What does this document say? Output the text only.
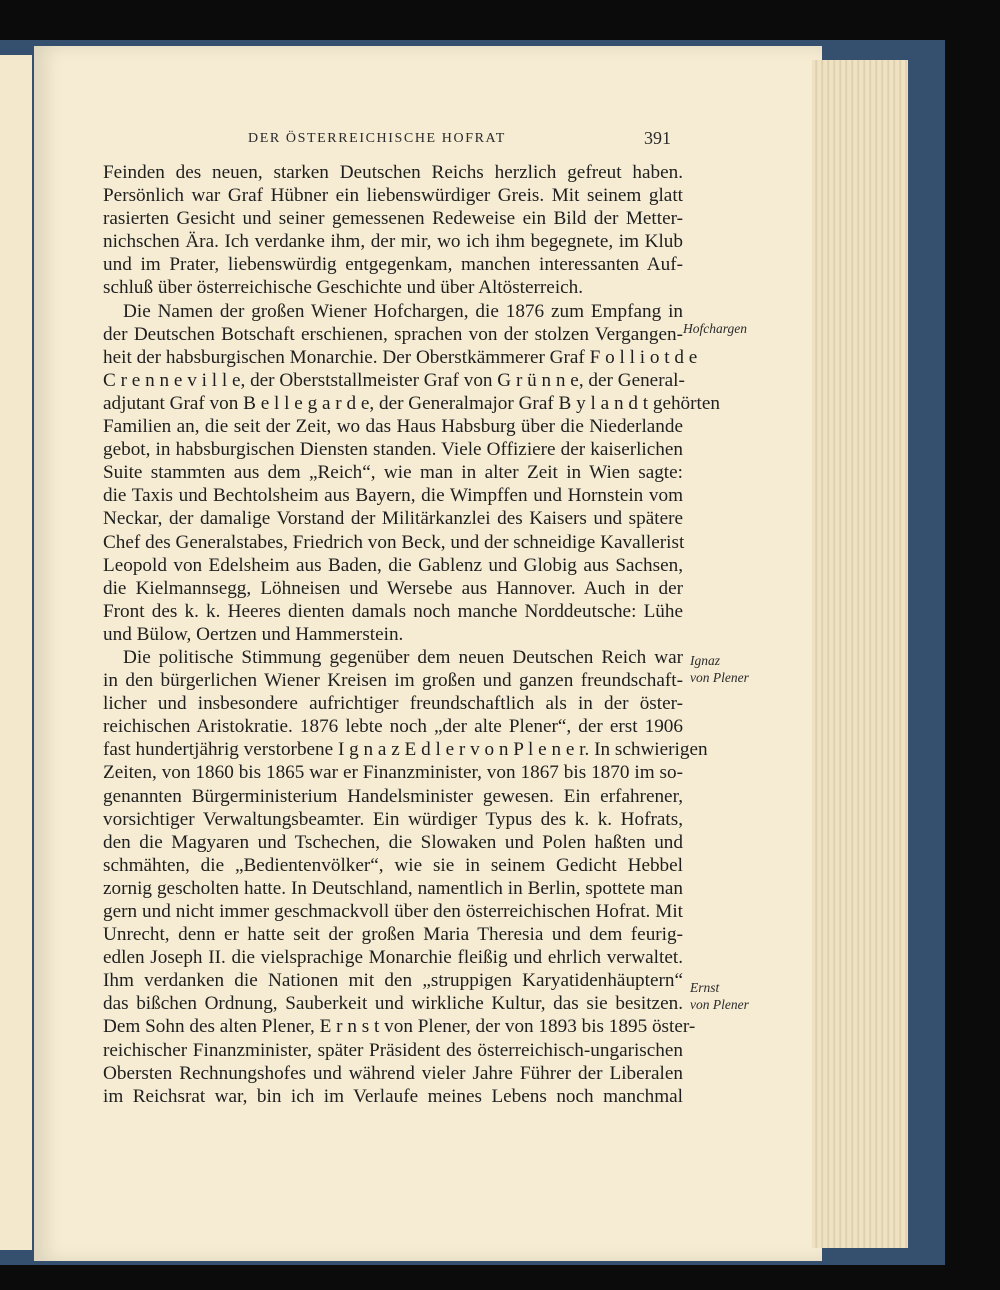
DER ÖSTERREICHISCHE HOFRAT	391
Feinden des neuen, starken Deutschen Reichs herzlich gefreut haben.
Persönlich war Graf Hübner ein liebenswürdiger Greis. Mit seinem glatt
rasierten Gesicht und seiner gemessenen Redeweise ein Bild der Metter-
nichschen Ära. Ich verdanke ihm, der mir, wo ich ihm begegnete, im Klub
und im Prater, liebenswürdig entgegenkam, manchen interessanten Auf-
schluß über österreichische Geschichte und über Altösterreich.
Die Namen der großen Wiener Hofchargen, die 1876 zum Empfang in
der Deutschen Botschaft erschienen, sprachen von der stolzen Vergangen-
heit der habsburgischen Monarchie. Der Oberstkämmerer Graf F o l l i o t d e
C r e n n e v i l l e, der Oberststallmeister Graf von G r ü n n e, der General-
adjutant Graf von B e l l e g a r d e, der Generalmajor Graf B y l a n d t gehörten
Familien an, die seit der Zeit, wo das Haus Habsburg über die Niederlande
gebot, in habsburgischen Diensten standen. Viele Offiziere der kaiserlichen
Suite stammten aus dem „Reich“, wie man in alter Zeit in Wien sagte:
die Taxis und Bechtolsheim aus Bayern, die Wimpffen und Hornstein vom
Neckar, der damalige Vorstand der Militärkanzlei des Kaisers und spätere
Chef des Generalstabes, Friedrich von Beck, und der schneidige Kavallerist
Leopold von Edelsheim aus Baden, die Gablenz und Globig aus Sachsen,
die Kielmannsegg, Löhneisen und Wersebe aus Hannover. Auch in der
Front des k. k. Heeres dienten damals noch manche Norddeutsche: Lühe
und Bülow, Oertzen und Hammerstein.
Die politische Stimmung gegenüber dem neuen Deutschen Reich war
in den bürgerlichen Wiener Kreisen im großen und ganzen freundschaft-
licher und insbesondere aufrichtiger freundschaftlich als in der öster-
reichischen Aristokratie. 1876 lebte noch „der alte Plener“, der erst 1906
fast hundertjährig verstorbene I g n a z E d l e r v o n P l e n e r. In schwierigen
Zeiten, von 1860 bis 1865 war er Finanzminister, von 1867 bis 1870 im so-
genannten Bürgerministerium Handelsminister gewesen. Ein erfahrener,
vorsichtiger Verwaltungsbeamter. Ein würdiger Typus des k. k. Hofrats,
den die Magyaren und Tschechen, die Slowaken und Polen haßten und
schmähten, die „Bedientenvölker“, wie sie in seinem Gedicht Hebbel
zornig gescholten hatte. In Deutschland, namentlich in Berlin, spottete man
gern und nicht immer geschmackvoll über den österreichischen Hofrat. Mit
Unrecht, denn er hatte seit der großen Maria Theresia und dem feurig-
edlen Joseph II. die vielsprachige Monarchie fleißig und ehrlich verwaltet.
Ihm verdanken die Nationen mit den „struppigen Karyatidenhäuptern“
das bißchen Ordnung, Sauberkeit und wirkliche Kultur, das sie besitzen.
Dem Sohn des alten Plener, E r n s t von Plener, der von 1893 bis 1895 öster-
reichischer Finanzminister, später Präsident des österreichisch-ungarischen
Obersten Rechnungshofes und während vieler Jahre Führer der Liberalen
im Reichsrat war, bin ich im Verlaufe meines Lebens noch manchmal
Hofchargen
Ignaz
von Plener
Ernst
von Plener
